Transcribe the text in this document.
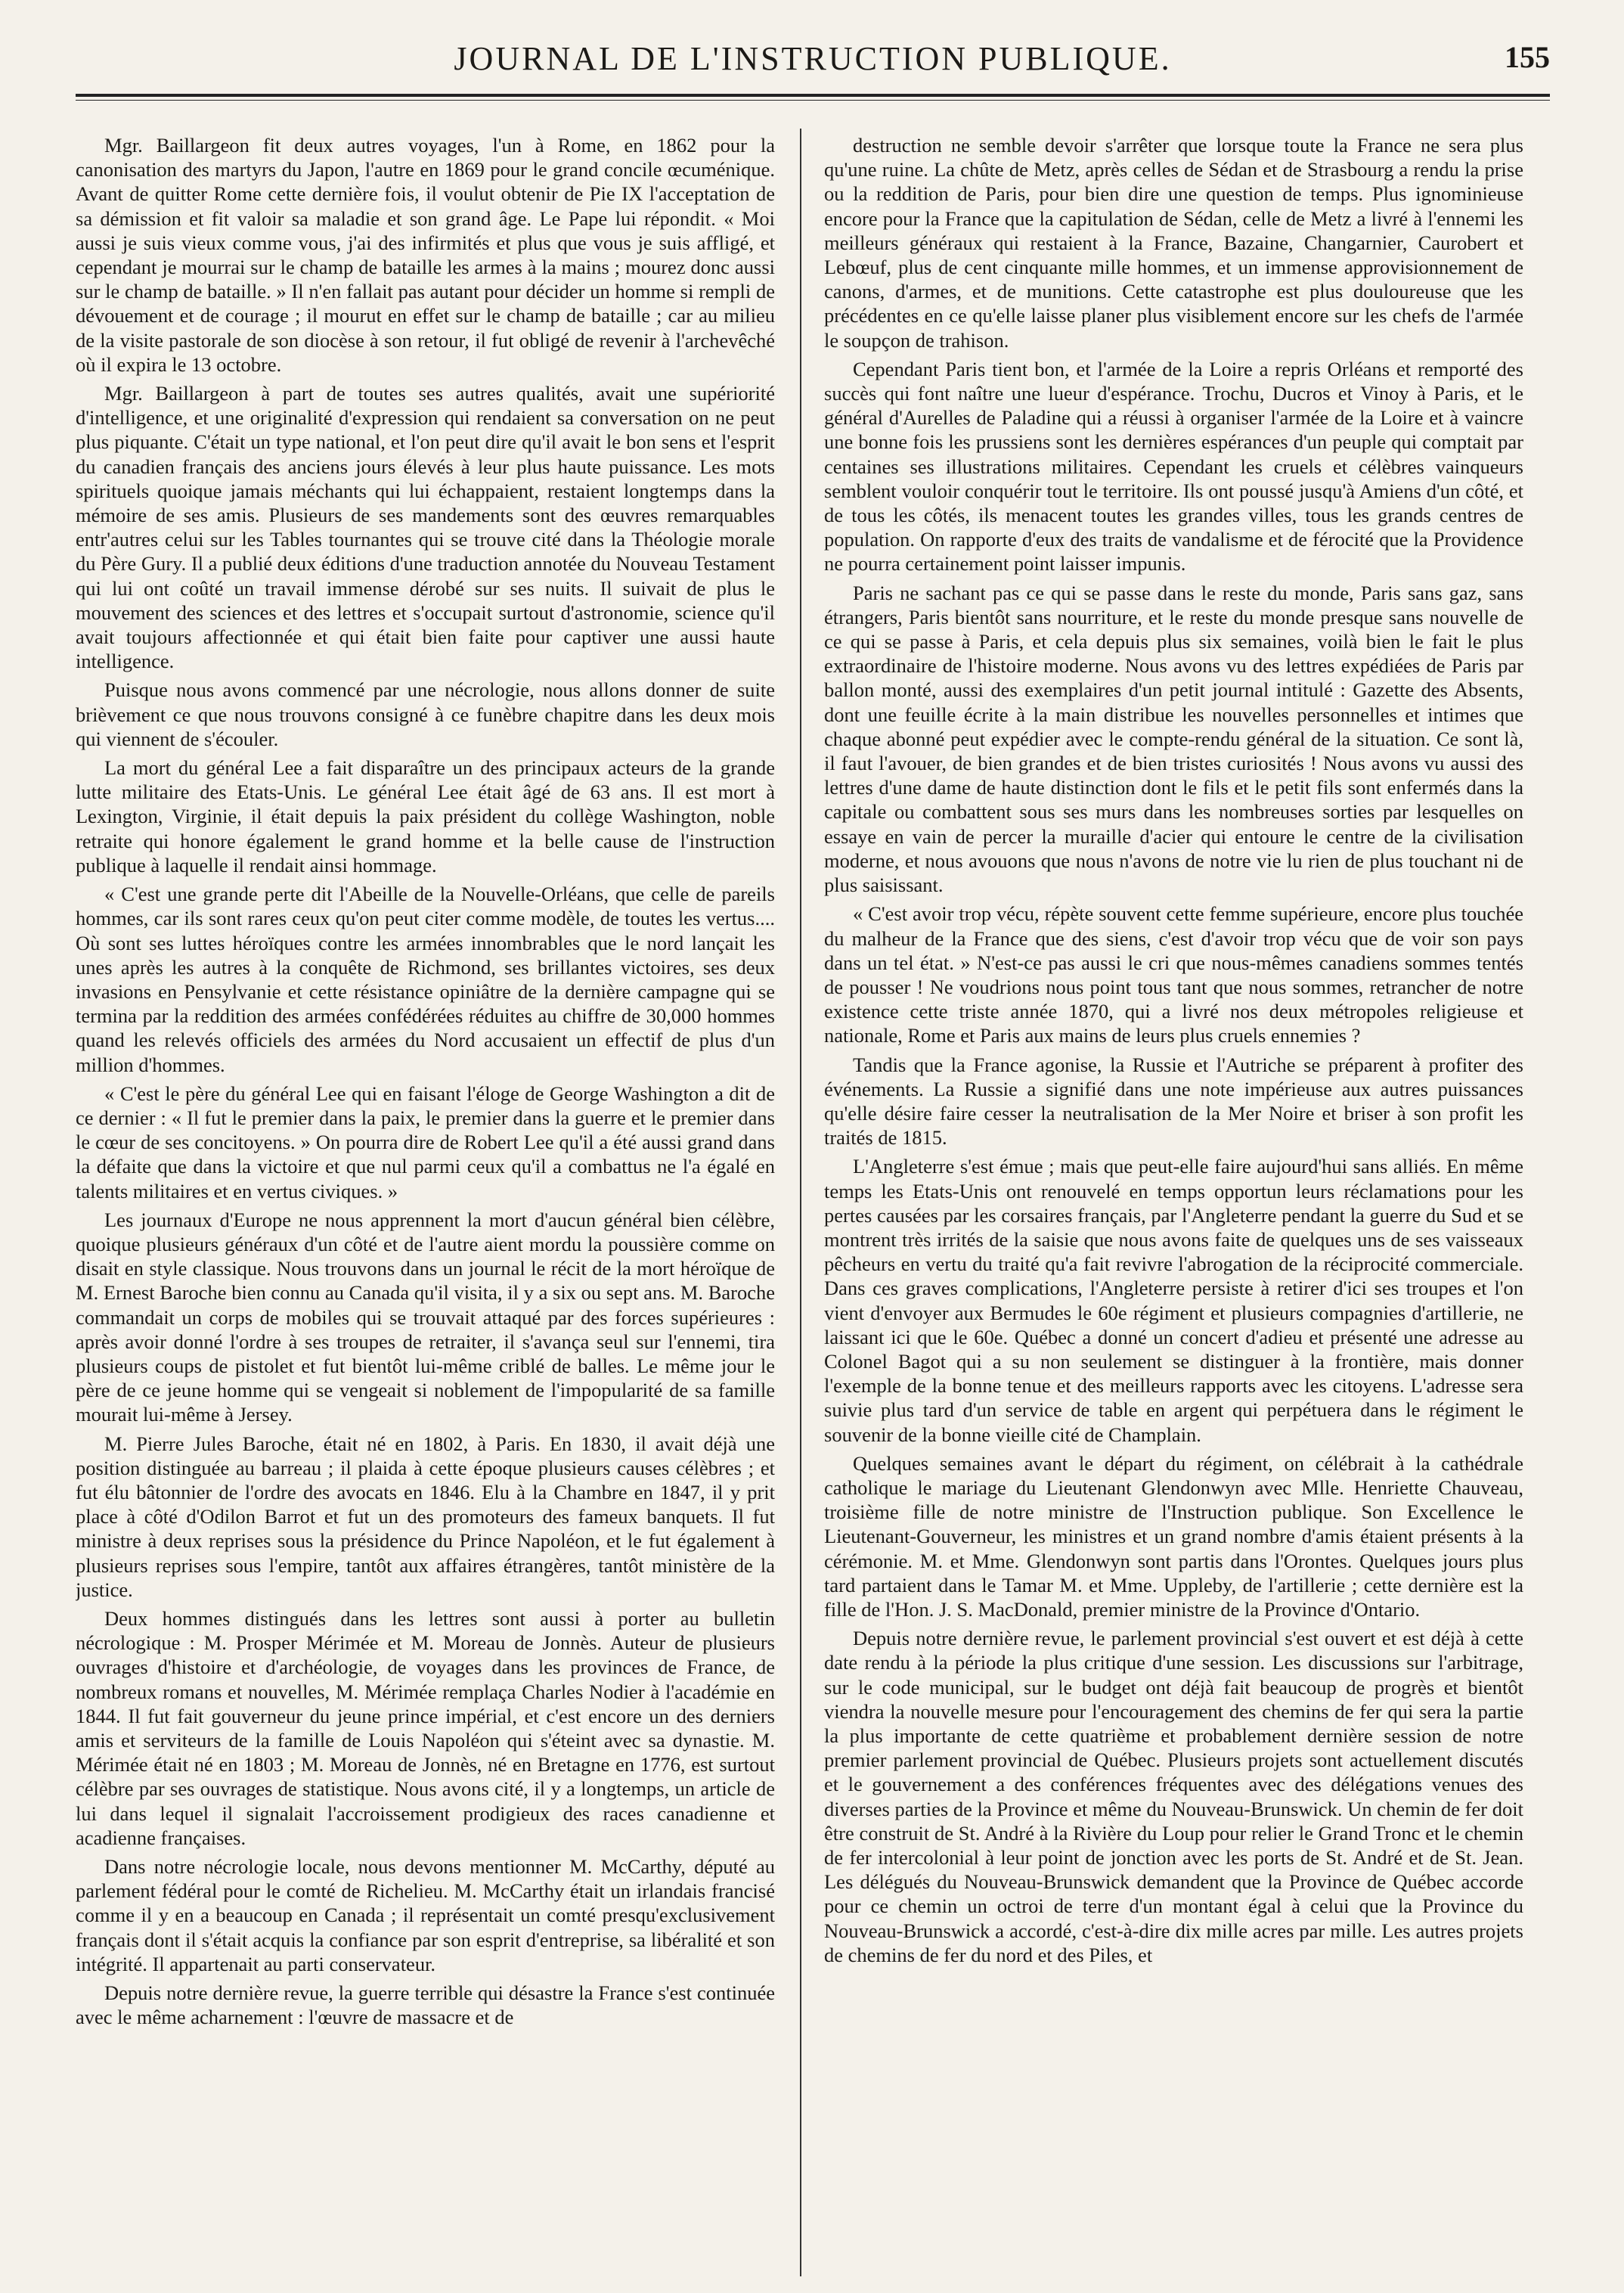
JOURNAL DE L'INSTRUCTION PUBLIQUE.	155

Mgr. Baillargeon fit deux autres voyages, l'un à Rome, en 1862 pour la canonisation des martyrs du Japon, l'autre en 1869 pour le grand concile œcuménique. Avant de quitter Rome cette dernière fois, il voulut obtenir de Pie IX l'acceptation de sa démission et fit valoir sa maladie et son grand âge. Le Pape lui répondit. « Moi aussi je suis vieux comme vous, j'ai des infirmités et plus que vous je suis affligé, et cependant je mourrai sur le champ de bataille les armes à la mains ; mourez donc aussi sur le champ de bataille. » Il n'en fallait pas autant pour décider un homme si rempli de dévouement et de courage ; il mourut en effet sur le champ de bataille ; car au milieu de la visite pastorale de son diocèse à son retour, il fut obligé de revenir à l'archevêché où il expira le 13 octobre.

Mgr. Baillargeon à part de toutes ses autres qualités, avait une supériorité d'intelligence, et une originalité d'expression qui rendaient sa conversation on ne peut plus piquante. C'était un type national, et l'on peut dire qu'il avait le bon sens et l'esprit du canadien français des anciens jours élevés à leur plus haute puissance. Les mots spirituels quoique jamais méchants qui lui échappaient, restaient longtemps dans la mémoire de ses amis. Plusieurs de ses mandements sont des œuvres remarquables entr'autres celui sur les Tables tournantes qui se trouve cité dans la Théologie morale du Père Gury. Il a publié deux éditions d'une traduction annotée du Nouveau Testament qui lui ont coûté un travail immense dérobé sur ses nuits. Il suivait de plus le mouvement des sciences et des lettres et s'occupait surtout d'astronomie, science qu'il avait toujours affectionnée et qui était bien faite pour captiver une aussi haute intelligence.

Puisque nous avons commencé par une nécrologie, nous allons donner de suite brièvement ce que nous trouvons consigné à ce funèbre chapitre dans les deux mois qui viennent de s'écouler.

La mort du général Lee a fait disparaître un des principaux acteurs de la grande lutte militaire des Etats-Unis. Le général Lee était âgé de 63 ans. Il est mort à Lexington, Virginie, il était depuis la paix président du collège Washington, noble retraite qui honore également le grand homme et la belle cause de l'instruction publique à laquelle il rendait ainsi hommage.

« C'est une grande perte dit l'Abeille de la Nouvelle-Orléans, que celle de pareils hommes, car ils sont rares ceux qu'on peut citer comme modèle, de toutes les vertus.... Où sont ses luttes héroïques contre les armées innombrables que le nord lançait les unes après les autres à la conquête de Richmond, ses brillantes victoires, ses deux invasions en Pensylvanie et cette résistance opiniâtre de la dernière campagne qui se termina par la reddition des armées confédérées réduites au chiffre de 30,000 hommes quand les relevés officiels des armées du Nord accusaient un effectif de plus d'un million d'hommes.

« C'est le père du général Lee qui en faisant l'éloge de George Washington a dit de ce dernier : « Il fut le premier dans la paix, le premier dans la guerre et le premier dans le cœur de ses concitoyens. » On pourra dire de Robert Lee qu'il a été aussi grand dans la défaite que dans la victoire et que nul parmi ceux qu'il a combattus ne l'a égalé en talents militaires et en vertus civiques. »

Les journaux d'Europe ne nous apprennent la mort d'aucun général bien célèbre, quoique plusieurs généraux d'un côté et de l'autre aient mordu la poussière comme on disait en style classique. Nous trouvons dans un journal le récit de la mort héroïque de M. Ernest Baroche bien connu au Canada qu'il visita, il y a six ou sept ans. M. Baroche commandait un corps de mobiles qui se trouvait attaqué par des forces supérieures : après avoir donné l'ordre à ses troupes de retraiter, il s'avança seul sur l'ennemi, tira plusieurs coups de pistolet et fut bientôt lui-même criblé de balles. Le même jour le père de ce jeune homme qui se vengeait si noblement de l'impopularité de sa famille mourait lui-même à Jersey.

M. Pierre Jules Baroche, était né en 1802, à Paris. En 1830, il avait déjà une position distinguée au barreau ; il plaida à cette époque plusieurs causes célèbres ; et fut élu bâtonnier de l'ordre des avocats en 1846. Elu à la Chambre en 1847, il y prit place à côté d'Odilon Barrot et fut un des promoteurs des fameux banquets. Il fut ministre à deux reprises sous la présidence du Prince Napoléon, et le fut également à plusieurs reprises sous l'empire, tantôt aux affaires étrangères, tantôt ministère de la justice.

Deux hommes distingués dans les lettres sont aussi à porter au bulletin nécrologique : M. Prosper Mérimée et M. Moreau de Jonnès. Auteur de plusieurs ouvrages d'histoire et d'archéologie, de voyages dans les provinces de France, de nombreux romans et nouvelles, M. Mérimée remplaça Charles Nodier à l'académie en 1844. Il fut fait gouverneur du jeune prince impérial, et c'est encore un des derniers amis et serviteurs de la famille de Louis Napoléon qui s'éteint avec sa dynastie. M. Mérimée était né en 1803 ; M. Moreau de Jonnès, né en Bretagne en 1776, est surtout célèbre par ses ouvrages de statistique. Nous avons cité, il y a longtemps, un article de lui dans lequel il signalait l'accroissement prodigieux des races canadienne et acadienne françaises.

Dans notre nécrologie locale, nous devons mentionner M. McCarthy, député au parlement fédéral pour le comté de Richelieu. M. McCarthy était un irlandais francisé comme il y en a beaucoup en Canada ; il représentait un comté presqu'exclusivement français dont il s'était acquis la confiance par son esprit d'entreprise, sa libéralité et son intégrité. Il appartenait au parti conservateur.

Depuis notre dernière revue, la guerre terrible qui désastre la France s'est continuée avec le même acharnement : l'œuvre de massacre et de

destruction ne semble devoir s'arrêter que lorsque toute la France ne sera plus qu'une ruine. La chûte de Metz, après celles de Sédan et de Strasbourg a rendu la prise ou la reddition de Paris, pour bien dire une question de temps. Plus ignominieuse encore pour la France que la capitulation de Sédan, celle de Metz a livré à l'ennemi les meilleurs généraux qui restaient à la France, Bazaine, Changarnier, Caurobert et Lebœuf, plus de cent cinquante mille hommes, et un immense approvisionnement de canons, d'armes, et de munitions. Cette catastrophe est plus douloureuse que les précédentes en ce qu'elle laisse planer plus visiblement encore sur les chefs de l'armée le soupçon de trahison.

Cependant Paris tient bon, et l'armée de la Loire a repris Orléans et remporté des succès qui font naître une lueur d'espérance. Trochu, Ducros et Vinoy à Paris, et le général d'Aurelles de Paladine qui a réussi à organiser l'armée de la Loire et à vaincre une bonne fois les prussiens sont les dernières espérances d'un peuple qui comptait par centaines ses illustrations militaires. Cependant les cruels et célèbres vainqueurs semblent vouloir conquérir tout le territoire. Ils ont poussé jusqu'à Amiens d'un côté, et de tous les côtés, ils menacent toutes les grandes villes, tous les grands centres de population. On rapporte d'eux des traits de vandalisme et de férocité que la Providence ne pourra certainement point laisser impunis.

Paris ne sachant pas ce qui se passe dans le reste du monde, Paris sans gaz, sans étrangers, Paris bientôt sans nourriture, et le reste du monde presque sans nouvelle de ce qui se passe à Paris, et cela depuis plus six semaines, voilà bien le fait le plus extraordinaire de l'histoire moderne. Nous avons vu des lettres expédiées de Paris par ballon monté, aussi des exemplaires d'un petit journal intitulé : Gazette des Absents, dont une feuille écrite à la main distribue les nouvelles personnelles et intimes que chaque abonné peut expédier avec le compte-rendu général de la situation. Ce sont là, il faut l'avouer, de bien grandes et de bien tristes curiosités ! Nous avons vu aussi des lettres d'une dame de haute distinction dont le fils et le petit fils sont enfermés dans la capitale ou combattent sous ses murs dans les nombreuses sorties par lesquelles on essaye en vain de percer la muraille d'acier qui entoure le centre de la civilisation moderne, et nous avouons que nous n'avons de notre vie lu rien de plus touchant ni de plus saisissant.

« C'est avoir trop vécu, répète souvent cette femme supérieure, encore plus touchée du malheur de la France que des siens, c'est d'avoir trop vécu que de voir son pays dans un tel état. » N'est-ce pas aussi le cri que nous-mêmes canadiens sommes tentés de pousser ! Ne voudrions nous point tous tant que nous sommes, retrancher de notre existence cette triste année 1870, qui a livré nos deux métropoles religieuse et nationale, Rome et Paris aux mains de leurs plus cruels ennemies ?

Tandis que la France agonise, la Russie et l'Autriche se préparent à profiter des événements. La Russie a signifié dans une note impérieuse aux autres puissances qu'elle désire faire cesser la neutralisation de la Mer Noire et briser à son profit les traités de 1815.

L'Angleterre s'est émue ; mais que peut-elle faire aujourd'hui sans alliés. En même temps les Etats-Unis ont renouvelé en temps opportun leurs réclamations pour les pertes causées par les corsaires français, par l'Angleterre pendant la guerre du Sud et se montrent très irrités de la saisie que nous avons faite de quelques uns de ses vaisseaux pêcheurs en vertu du traité qu'a fait revivre l'abrogation de la réciprocité commerciale. Dans ces graves complications, l'Angleterre persiste à retirer d'ici ses troupes et l'on vient d'envoyer aux Bermudes le 60e régiment et plusieurs compagnies d'artillerie, ne laissant ici que le 60e. Québec a donné un concert d'adieu et présenté une adresse au Colonel Bagot qui a su non seulement se distinguer à la frontière, mais donner l'exemple de la bonne tenue et des meilleurs rapports avec les citoyens. L'adresse sera suivie plus tard d'un service de table en argent qui perpétuera dans le régiment le souvenir de la bonne vieille cité de Champlain.

Quelques semaines avant le départ du régiment, on célébrait à la cathédrale catholique le mariage du Lieutenant Glendonwyn avec Mlle. Henriette Chauveau, troisième fille de notre ministre de l'Instruction publique. Son Excellence le Lieutenant-Gouverneur, les ministres et un grand nombre d'amis étaient présents à la cérémonie. M. et Mme. Glendonwyn sont partis dans l'Orontes. Quelques jours plus tard partaient dans le Tamar M. et Mme. Uppleby, de l'artillerie ; cette dernière est la fille de l'Hon. J. S. MacDonald, premier ministre de la Province d'Ontario.

Depuis notre dernière revue, le parlement provincial s'est ouvert et est déjà à cette date rendu à la période la plus critique d'une session. Les discussions sur l'arbitrage, sur le code municipal, sur le budget ont déjà fait beaucoup de progrès et bientôt viendra la nouvelle mesure pour l'encouragement des chemins de fer qui sera la partie la plus importante de cette quatrième et probablement dernière session de notre premier parlement provincial de Québec. Plusieurs projets sont actuellement discutés et le gouvernement a des conférences fréquentes avec des délégations venues des diverses parties de la Province et même du Nouveau-Brunswick. Un chemin de fer doit être construit de St. André à la Rivière du Loup pour relier le Grand Tronc et le chemin de fer intercolonial à leur point de jonction avec les ports de St. André et de St. Jean. Les délégués du Nouveau-Brunswick demandent que la Province de Québec accorde pour ce chemin un octroi de terre d'un montant égal à celui que la Province du Nouveau-Brunswick a accordé, c'est-à-dire dix mille acres par mille. Les autres projets de chemins de fer du nord et des Piles, et
